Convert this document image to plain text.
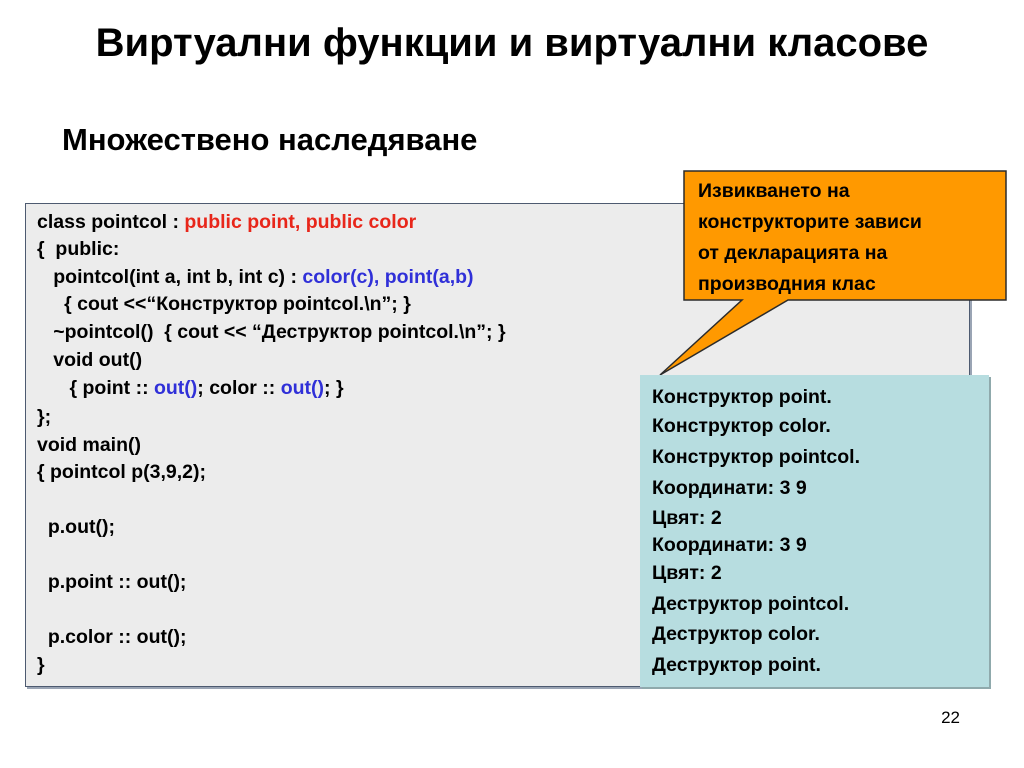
Виртуални функции и виртуални класове
Множествено наследяване
class pointcol : public point, public color
{  public:
pointcol(int a, int b, int c) : color(c), point(a,b)
{ cout <<“Конструктор pointcol.\n”; }
~pointcol()  { cout << “Деструктор pointcol.\n”; }
void out()
{ point :: out(); color :: out(); }
};
void main()
{ pointcol p(3,9,2);
p.out();
p.point :: out();
p.color :: out();
}
Извикването на
конструкторите зависи
от декларацията на
производния клас
Конструктор point.
Конструктор color.
Конструктор pointcol.
Координати: 3 9
Цвят: 2
Координати: 3 9
Цвят: 2
Деструктор pointcol.
Деструктор color.
Деструктор point.
22
